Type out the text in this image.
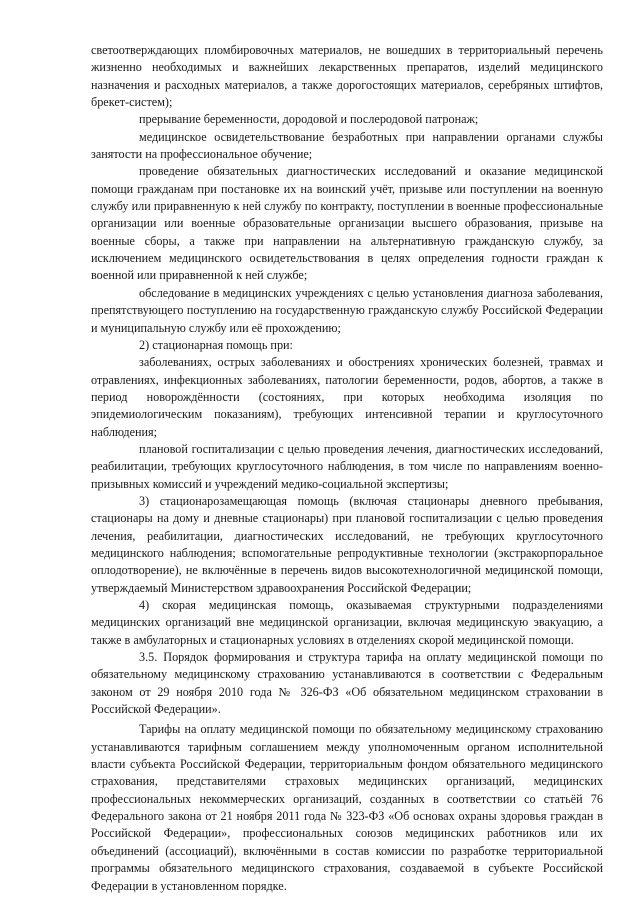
светоотверждающих пломбировочных материалов, не вошедших в территориальный перечень жизненно необходимых и важнейших лекарственных препаратов, изделий медицинского назначения и расходных материалов, а также дорогостоящих материалов, серебряных штифтов, брекет-систем);

прерывание беременности, дородовой и послеродовой патронаж;

медицинское освидетельствование безработных при направлении органами службы занятости на профессиональное обучение;

проведение обязательных диагностических исследований и оказание медицинской помощи гражданам при постановке их на воинский учёт, призыве или поступлении на военную службу или приравненную к ней службу по контракту, поступлении в военные профессиональные организации или военные образовательные организации высшего образования, призыве на военные сборы, а также при направлении на альтернативную гражданскую службу, за исключением медицинского освидетельствования в целях определения годности граждан к военной или приравненной к ней службе;

обследование в медицинских учреждениях с целью установления диагноза заболевания, препятствующего поступлению на государственную гражданскую службу Российской Федерации и муниципальную службу или её прохождению;

2) стационарная помощь при:

заболеваниях, острых заболеваниях и обострениях хронических болезней, травмах и отравлениях, инфекционных заболеваниях, патологии беременности, родов, абортов, а также в период новорождённости (состояниях, при которых необходима изоляция по эпидемиологическим показаниям), требующих интенсивной терапии и круглосуточного наблюдения;

плановой госпитализации с целью проведения лечения, диагностических исследований, реабилитации, требующих круглосуточного наблюдения, в том числе по направлениям военно-призывных комиссий и учреждений медико-социальной экспертизы;

3) стационарозамещающая помощь (включая стационары дневного пребывания, стационары на дому и дневные стационары) при плановой госпитализации с целью проведения лечения, реабилитации, диагностических исследований, не требующих круглосуточного медицинского наблюдения; вспомогательные репродуктивные технологии (экстракорпоральное оплодотворение), не включённые в перечень видов высокотехнологичной медицинской помощи, утверждаемый Министерством здравоохранения Российской Федерации;

4) скорая медицинская помощь, оказываемая структурными подразделениями медицинских организаций вне медицинской организации, включая медицинскую эвакуацию, а также в амбулаторных и стационарных условиях в отделениях скорой медицинской помощи.

3.5. Порядок формирования и структура тарифа на оплату медицинской помощи по обязательному медицинскому страхованию устанавливаются в соответствии с Федеральным законом от 29 ноября 2010 года № 326-ФЗ «Об обязательном медицинском страховании в Российской Федерации».

Тарифы на оплату медицинской помощи по обязательному медицинскому страхованию устанавливаются тарифным соглашением между уполномоченным органом исполнительной власти субъекта Российской Федерации, территориальным фондом обязательного медицинского страхования, представителями страховых медицинских организаций, медицинских профессиональных некоммерческих организаций, созданных в соответствии со статьёй 76 Федерального закона от 21 ноября 2011 года № 323-ФЗ «Об основах охраны здоровья граждан в Российской Федерации», профессиональных союзов медицинских работников или их объединений (ассоциаций), включёнными в состав комиссии по разработке территориальной программы обязательного медицинского страхования, создаваемой в субъекте Российской Федерации в установленном порядке.
